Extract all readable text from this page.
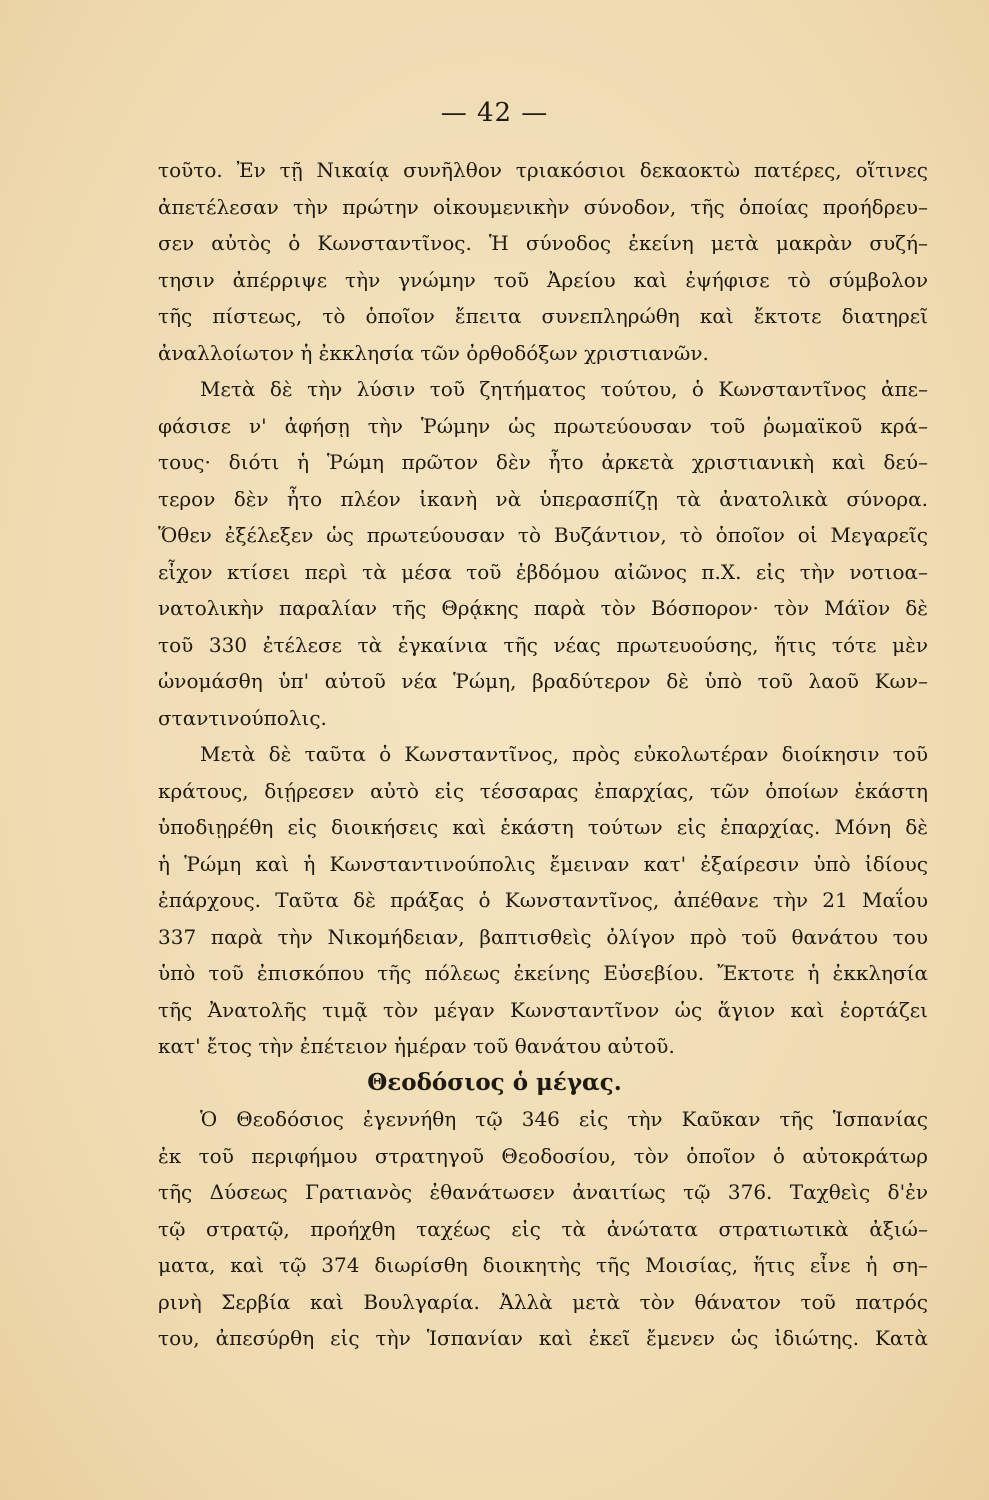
— 42 —
τοῦτο. Ἐν τῇ Νικαίᾳ συνῆλθον τριακόσιοι δεκαοκτὼ πατέρες, οἵτινες
ἀπετέλεσαν τὴν πρώτην οἰκουμενικὴν σύνοδον, τῆς ὁποίας προήδρευ–
σεν αὐτὸς ὁ Κωνσταντῖνος. Ἡ σύνοδος ἐκείνη μετὰ μακρὰν συζή–
τησιν ἀπέρριψε τὴν γνώμην τοῦ Ἀρείου καὶ ἐψήφισε τὸ σύμβολον
τῆς πίστεως, τὸ ὁποῖον ἔπειτα συνεπληρώθη καὶ ἔκτοτε διατηρεῖ
ἀναλλοίωτον ἡ ἐκκλησία τῶν ὀρθοδόξων χριστιανῶν.
Μετὰ δὲ τὴν λύσιν τοῦ ζητήματος τούτου, ὁ Κωνσταντῖνος ἀπε–
φάσισε ν' ἀφήσῃ τὴν Ῥώμην ὡς πρωτεύουσαν τοῦ ῥωμαϊκοῦ κρά–
τους· διότι ἡ Ῥώμη πρῶτον δὲν ἦτο ἀρκετὰ χριστιανικὴ καὶ δεύ–
τερον δὲν ἦτο πλέον ἱκανὴ νὰ ὑπερασπίζῃ τὰ ἀνατολικὰ σύνορα.
Ὅθεν ἐξέλεξεν ὡς πρωτεύουσαν τὸ Βυζάντιον, τὸ ὁποῖον οἱ Μεγαρεῖς
εἶχον κτίσει περὶ τὰ μέσα τοῦ ἑβδόμου αἰῶνος π.Χ. εἰς τὴν νοτιοα–
νατολικὴν παραλίαν τῆς Θρᾴκης παρὰ τὸν Βόσπορον· τὸν Μάϊον δὲ
τοῦ 330 ἐτέλεσε τὰ ἐγκαίνια τῆς νέας πρωτευούσης, ἥτις τότε μὲν
ὠνομάσθη ὑπ' αὐτοῦ νέα Ῥώμη, βραδύτερον δὲ ὑπὸ τοῦ λαοῦ Κων–
σταντινούπολις.
Μετὰ δὲ ταῦτα ὁ Κωνσταντῖνος, πρὸς εὐκολωτέραν διοίκησιν τοῦ
κράτους, διῄρεσεν αὐτὸ εἰς τέσσαρας ἐπαρχίας, τῶν ὁποίων ἑκάστη
ὑποδιῃρέθη εἰς διοικήσεις καὶ ἑκάστη τούτων εἰς ἐπαρχίας. Μόνη δὲ
ἡ Ῥώμη καὶ ἡ Κωνσταντινούπολις ἔμειναν κατ' ἐξαίρεσιν ὑπὸ ἰδίους
ἐπάρχους. Ταῦτα δὲ πράξας ὁ Κωνσταντῖνος, ἀπέθανε τὴν 21 Μαΐου
337 παρὰ τὴν Νικομήδειαν, βαπτισθεὶς ὀλίγον πρὸ τοῦ θανάτου του
ὑπὸ τοῦ ἐπισκόπου τῆς πόλεως ἐκείνης Εὐσεβίου. Ἔκτοτε ἡ ἐκκλησία
τῆς Ἀνατολῆς τιμᾷ τὸν μέγαν Κωνσταντῖνον ὡς ἅγιον καὶ ἑορτάζει
κατ' ἔτος τὴν ἐπέτειον ἡμέραν τοῦ θανάτου αὐτοῦ.
Θεοδόσιος ὁ μέγας.
Ὁ Θεοδόσιος ἐγεννήθη τῷ 346 εἰς τὴν Καῦκαν τῆς Ἱσπανίας
ἐκ τοῦ περιφήμου στρατηγοῦ Θεοδοσίου, τὸν ὁποῖον ὁ αὐτοκράτωρ
τῆς Δύσεως Γρατιανὸς ἐθανάτωσεν ἀναιτίως τῷ 376. Ταχθεὶς δ'ἐν
τῷ στρατῷ, προήχθη ταχέως εἰς τὰ ἀνώτατα στρατιωτικὰ ἀξιώ–
ματα, καὶ τῷ 374 διωρίσθη διοικητὴς τῆς Μοισίας, ἥτις εἶνε ἡ ση–
ρινὴ Σερβία καὶ Βουλγαρία. Ἀλλὰ μετὰ τὸν θάνατον τοῦ πατρός
του, ἀπεσύρθη εἰς τὴν Ἱσπανίαν καὶ ἐκεῖ ἔμενεν ὡς ἰδιώτης. Κατὰ
